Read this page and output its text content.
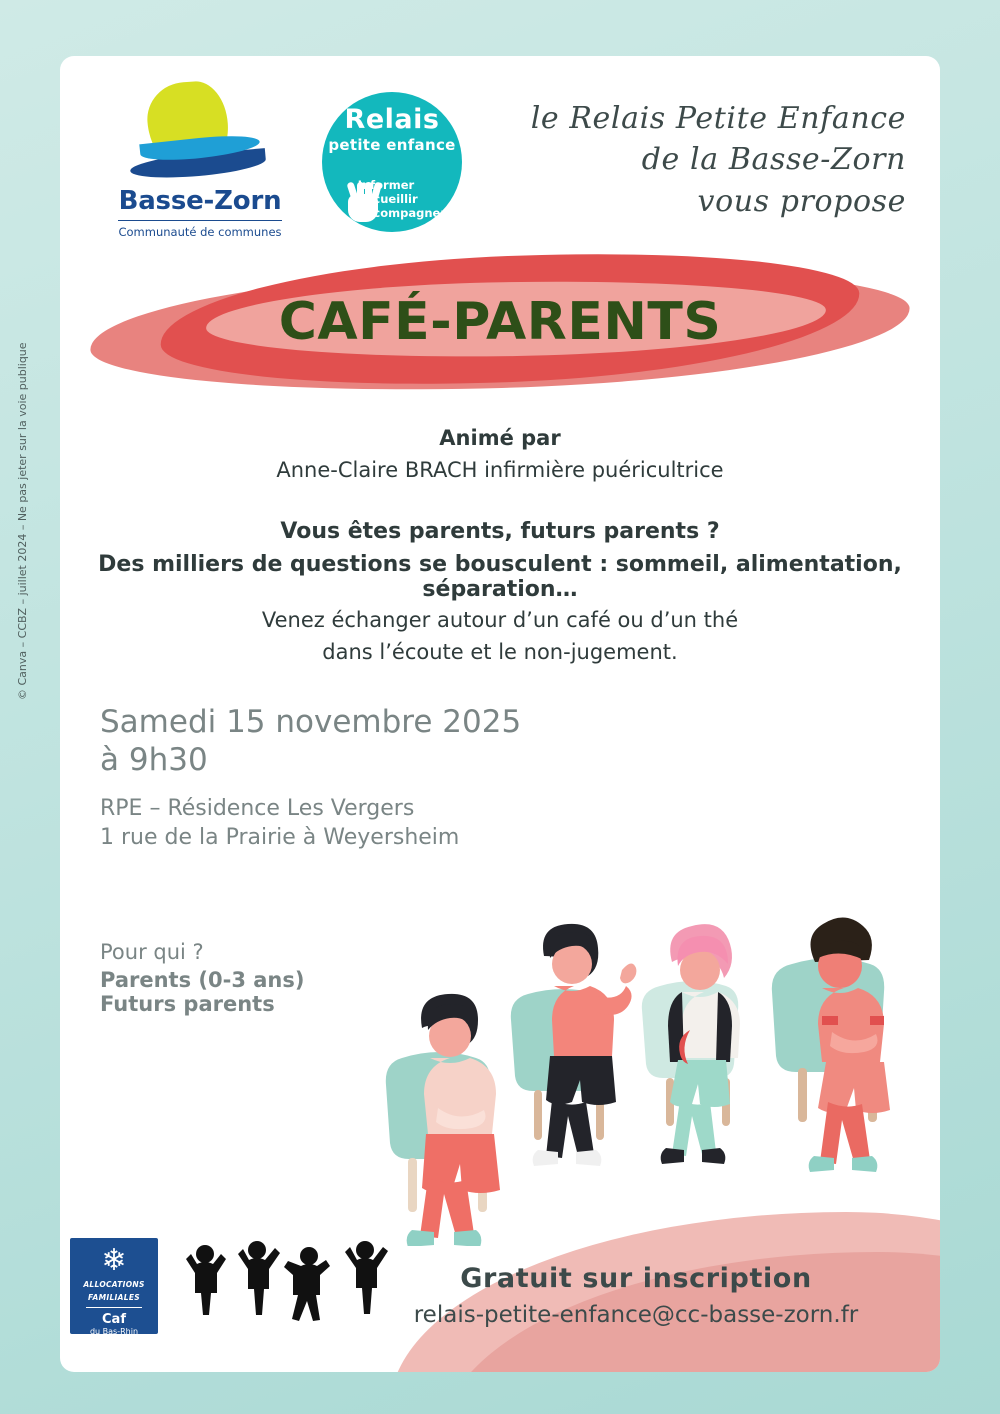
Basse-Zorn
Communauté de communes
Relais
petite enfance
Informer
Accueillir
Accompagner
le Relais Petite Enfance
de la Basse-Zorn
vous propose
CAFÉ-PARENTS
Animé par
Anne-Claire BRACH infirmière puéricultrice
Vous êtes parents, futurs parents ?
Des milliers de questions se bousculent : sommeil, alimentation, séparation…
Venez échanger autour d’un café ou d’un thé
dans l’écoute et le non-jugement.
Samedi 15 novembre 2025
à 9h30
RPE – Résidence Les Vergers
1 rue de la Prairie à Weyersheim
Pour qui ?
Parents (0-3 ans)
Futurs parents
Gratuit sur inscription
relais-petite-enfance@cc-basse-zorn.fr
❄
ALLOCATIONS
FAMILIALES
Caf
du Bas-Rhin
© Canva – CCBZ – juillet 2024 – Ne pas jeter sur la voie publique
